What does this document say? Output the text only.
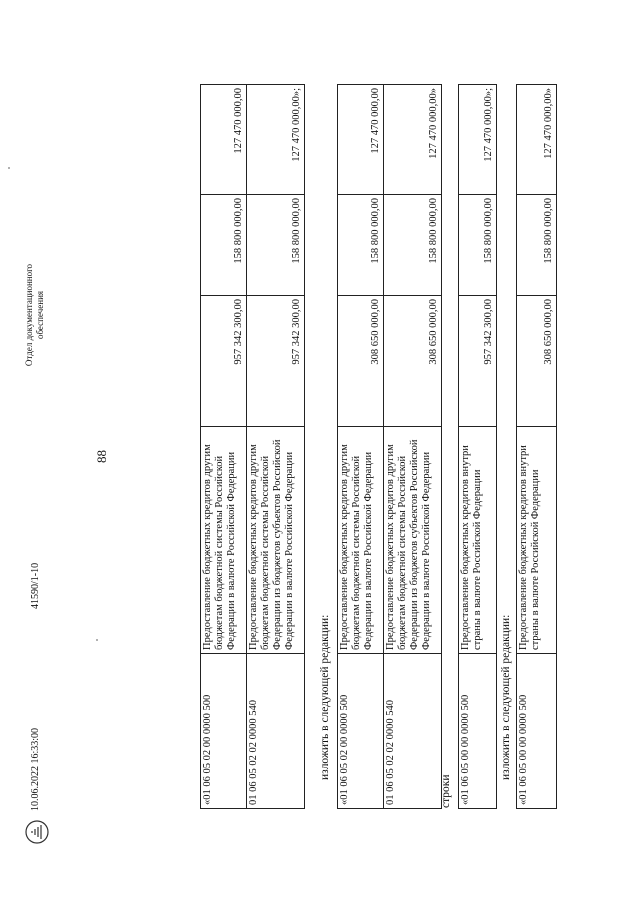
88
«01 06 05 00 00 0000 500	Предоставление бюджетных кредитов внутри страны в валюте Российской Федерации	308 650 000,00	158 800 000,00	127 470 000,00»
изложить в следующей редакции:
«01 06 05 00 00 0000 500	Предоставление бюджетных кредитов внутри страны в валюте Российской Федерации	957 342 300,00	158 800 000,00	127 470 000,00»;
строки
«01 06 05 02 00 0000 500	Предоставление бюджетных кредитов другим бюджетам бюджетной системы Российской Федерации в валюте Российской Федерации	308 650 000,00	158 800 000,00	127 470 000,00
01 06 05 02 02 0000 540	Предоставление бюджетных кредитов другим бюджетам бюджетной системы Российской Федерации из бюджетов субъектов Российской Федерации в валюте Российской Федерации	308 650 000,00	158 800 000,00	127 470 000,00»
изложить в следующей редакции:
«01 06 05 02 00 0000 500	Предоставление бюджетных кредитов другим бюджетам бюджетной системы Российской Федерации в валюте Российской Федерации	957 342 300,00	158 800 000,00	127 470 000,00
01 06 05 02 02 0000 540	Предоставление бюджетных кредитов другим бюджетам бюджетной системы Российской Федерации из бюджетов субъектов Российской Федерации в валюте Российской Федерации	957 342 300,00	158 800 000,00	127 470 000,00»;
10.06.2022 16:33:00
41590/1-10
Отдел документационного обеспечения
